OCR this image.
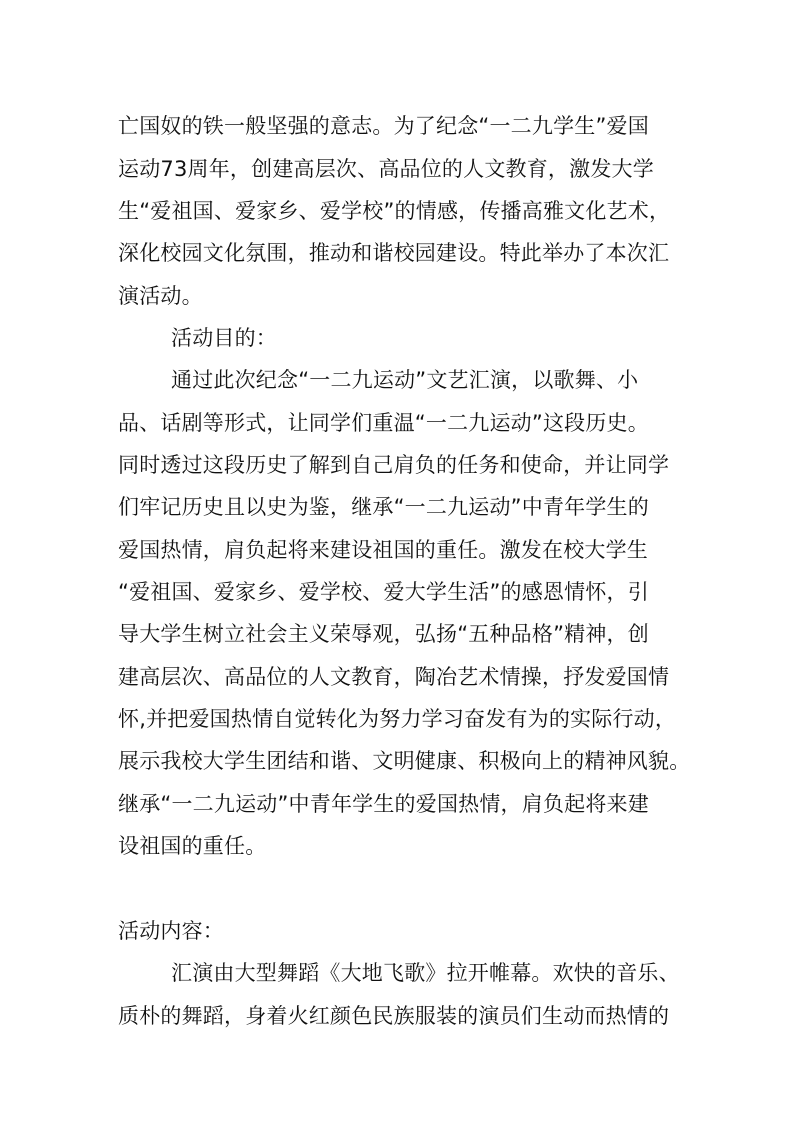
亡国奴的铁一般坚强的意志。为了纪念“一二九学生”爱国
运动73周年，创建高层次、高品位的人文教育，激发大学
生“爱祖国、爱家乡、爱学校”的情感，传播高雅文化艺术，
深化校园文化氛围，推动和谐校园建设。特此举办了本次汇
演活动。
活动目的：
通过此次纪念“一二九运动”文艺汇演，以歌舞、小
品、话剧等形式，让同学们重温“一二九运动”这段历史。
同时透过这段历史了解到自己肩负的任务和使命，并让同学
们牢记历史且以史为鉴，继承“一二九运动”中青年学生的
爱国热情，肩负起将来建设祖国的重任。激发在校大学生
“爱祖国、爱家乡、爱学校、爱大学生活”的感恩情怀，引
导大学生树立社会主义荣辱观，弘扬“五种品格”精神，创
建高层次、高品位的人文教育，陶冶艺术情操，抒发爱国情
怀,并把爱国热情自觉转化为努力学习奋发有为的实际行动，
展示我校大学生团结和谐、文明健康、积极向上的精神风貌。
继承“一二九运动”中青年学生的爱国热情，肩负起将来建
设祖国的重任。
活动内容：
汇演由大型舞蹈《大地飞歌》拉开帷幕。欢快的音乐、
质朴的舞蹈，身着火红颜色民族服装的演员们生动而热情的
